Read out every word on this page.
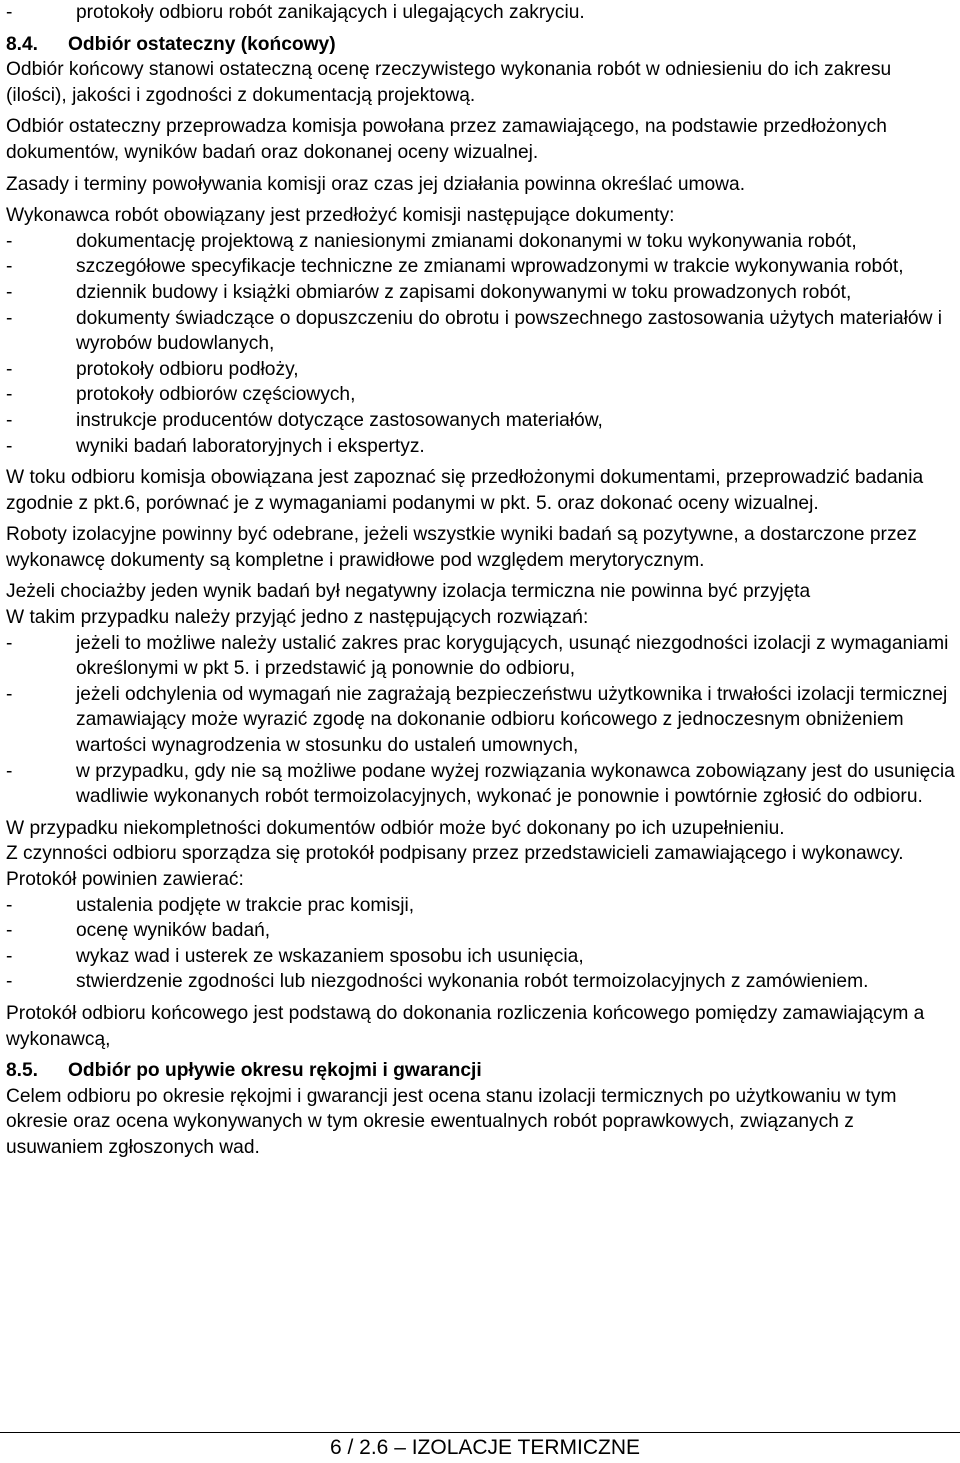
-	protokoły odbioru robót zanikających i ulegających zakryciu.
8.4.	Odbiór ostateczny (końcowy)

Odbiór końcowy stanowi ostateczną ocenę rzeczywistego wykonania robót w odniesieniu do ich zakresu (ilości), jakości i zgodności z dokumentacją projektową.

Odbiór ostateczny przeprowadza komisja powołana przez zamawiającego, na podstawie przedłożonych dokumentów, wyników badań oraz dokonanej oceny wizualnej.

Zasady i terminy powoływania komisji oraz czas jej działania powinna określać umowa.

Wykonawca robót obowiązany jest przedłożyć komisji następujące dokumenty:

-	dokumentację projektową z naniesionymi zmianami dokonanymi w toku wykonywania robót,
-	szczegółowe specyfikacje techniczne ze zmianami wprowadzonymi w trakcie wykonywania robót,
-	dziennik budowy i książki obmiarów z zapisami dokonywanymi w toku prowadzonych robót,
-	dokumenty świadczące o dopuszczeniu do obrotu i powszechnego zastosowania użytych materiałów i wyrobów budowlanych,
-	protokoły odbioru podłoży,
-	protokoły odbiorów częściowych,
-	instrukcje producentów dotyczące zastosowanych materiałów,
-	wyniki badań laboratoryjnych i ekspertyz.

W toku odbioru komisja obowiązana jest zapoznać się przedłożonymi dokumentami, przeprowadzić badania zgodnie z pkt.6, porównać je z wymaganiami podanymi w pkt. 5. oraz dokonać oceny wizualnej.

Roboty izolacyjne powinny być odebrane, jeżeli wszystkie wyniki badań są pozytywne, a dostarczone przez wykonawcę dokumenty są kompletne i prawidłowe pod względem merytorycznym.

Jeżeli chociażby jeden wynik badań był negatywny izolacja termiczna nie powinna być przyjęta

W takim przypadku należy przyjąć jedno z następujących rozwiązań:

-	jeżeli to możliwe należy ustalić zakres prac korygujących, usunąć niezgodności izolacji z wymaganiami określonymi w pkt 5. i przedstawić ją ponownie do odbioru,
-	jeżeli odchylenia od wymagań nie zagrażają bezpieczeństwu użytkownika i trwałości izolacji termicznej zamawiający może wyrazić zgodę na dokonanie odbioru końcowego z jednoczesnym obniżeniem wartości wynagrodzenia w stosunku do ustaleń umownych,
-	w przypadku, gdy nie są możliwe podane wyżej rozwiązania wykonawca zobowiązany jest do usunięcia wadliwie wykonanych robót termoizolacyjnych, wykonać je ponownie i powtórnie zgłosić do odbioru.

W przypadku niekompletności dokumentów odbiór może być dokonany po ich uzupełnieniu.

Z czynności odbioru sporządza się protokół podpisany przez przedstawicieli zamawiającego i wykonawcy.

Protokół powinien zawierać:

-	ustalenia podjęte w trakcie prac komisji,
-	ocenę wyników badań,
-	wykaz wad i usterek ze wskazaniem sposobu ich usunięcia,
-	stwierdzenie zgodności lub niezgodności wykonania robót termoizolacyjnych z zamówieniem.

Protokół odbioru końcowego jest podstawą do dokonania rozliczenia końcowego pomiędzy zamawiającym a wykonawcą,

8.5.	Odbiór po upływie okresu rękojmi i gwarancji

Celem odbioru po okresie rękojmi i gwarancji jest ocena stanu izolacji termicznych po użytkowaniu w tym okresie oraz ocena wykonywanych w tym okresie ewentualnych robót poprawkowych, związanych z usuwaniem zgłoszonych wad.

6 / 2.6 – IZOLACJE TERMICZNE
